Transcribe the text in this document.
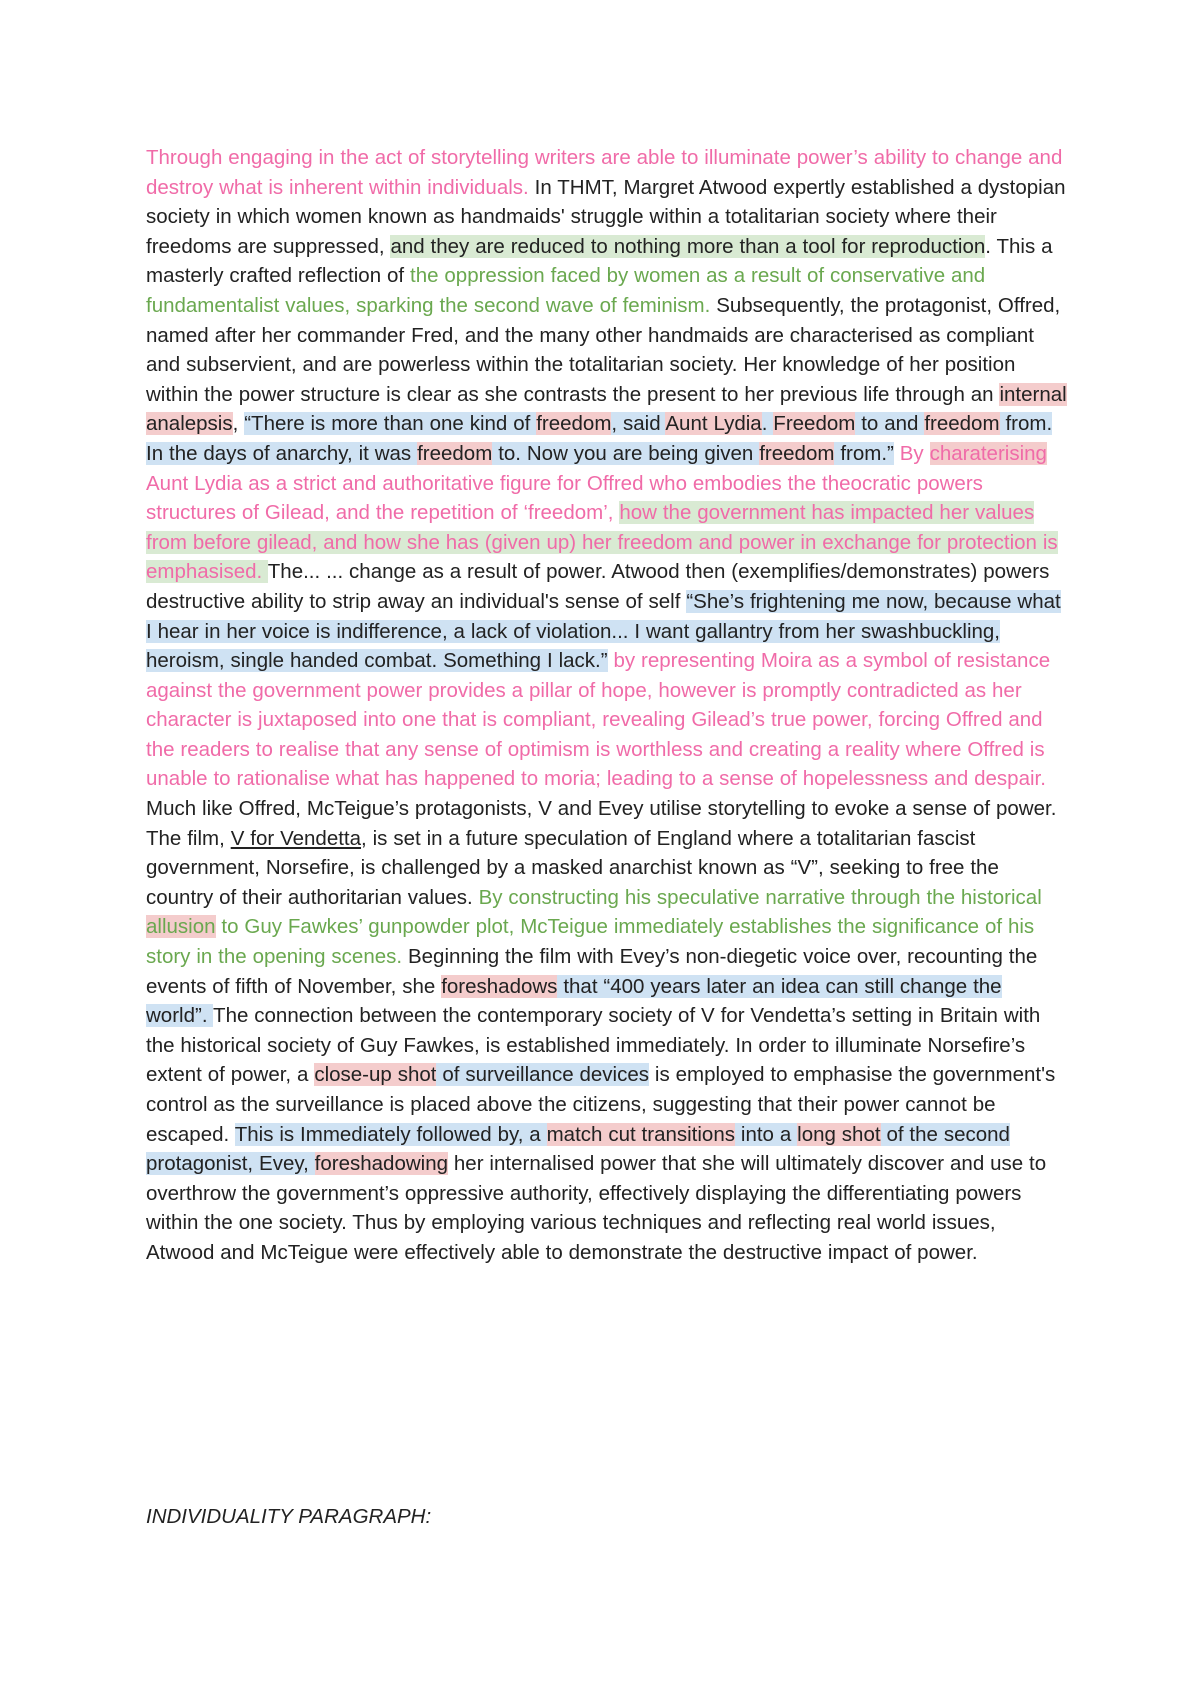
Through engaging in the act of storytelling writers are able to illuminate power’s ability to change and destroy what is inherent within individuals. In THMT, Margret Atwood expertly established a dystopian society in which women known as handmaids' struggle within a totalitarian society where their freedoms are suppressed, and they are reduced to nothing more than a tool for reproduction. This a masterly crafted reflection of the oppression faced by women as a result of conservative and fundamentalist values, sparking the second wave of feminism. Subsequently, the protagonist, Offred, named after her commander Fred, and the many other handmaids are characterised as compliant and subservient, and are powerless within the totalitarian society. Her knowledge of her position within the power structure is clear as she contrasts the present to her previous life through an internal analepsis, “There is more than one kind of freedom, said Aunt Lydia. Freedom to and freedom from. In the days of anarchy, it was freedom to. Now you are being given freedom from.” By charaterising Aunt Lydia as a strict and authoritative figure for Offred who embodies the theocratic powers structures of Gilead, and the repetition of ‘freedom’, how the government has impacted her values from before gilead, and how she has (given up) her freedom and power in exchange for protection is emphasised. The... ... change as a result of power. Atwood then (exemplifies/demonstrates) powers destructive ability to strip away an individual's sense of self “She’s frightening me now, because what I hear in her voice is indifference, a lack of violation... I want gallantry from her swashbuckling, heroism, single handed combat. Something I lack.” by representing Moira as a symbol of resistance against the government power provides a pillar of hope, however is promptly contradicted as her character is juxtaposed into one that is compliant, revealing Gilead’s true power, forcing Offred and the readers to realise that any sense of optimism is worthless and creating a reality where Offred is unable to rationalise what has happened to moria; leading to a sense of hopelessness and despair. Much like Offred, McTeigue’s protagonists, V and Evey utilise storytelling to evoke a sense of power. The film, V for Vendetta, is set in a future speculation of England where a totalitarian fascist government, Norsefire, is challenged by a masked anarchist known as “V”, seeking to free the country of their authoritarian values. By constructing his speculative narrative through the historical allusion to Guy Fawkes’ gunpowder plot, McTeigue immediately establishes the significance of his story in the opening scenes. Beginning the film with Evey’s non-diegetic voice over, recounting the events of fifth of November, she foreshadows that “400 years later an idea can still change the world”. The connection between the contemporary society of V for Vendetta’s setting in Britain with the historical society of Guy Fawkes, is established immediately. In order to illuminate Norsefire’s extent of power, a close-up shot of surveillance devices is employed to emphasise the government's control as the surveillance is placed above the citizens, suggesting that their power cannot be escaped. This is Immediately followed by, a match cut transitions into a long shot of the second protagonist, Evey, foreshadowing her internalised power that she will ultimately discover and use to overthrow the government’s oppressive authority, effectively displaying the differentiating powers within the one society. Thus by employing various techniques and reflecting real world issues, Atwood and McTeigue were effectively able to demonstrate the destructive impact of power.

INDIVIDUALITY PARAGRAPH:
